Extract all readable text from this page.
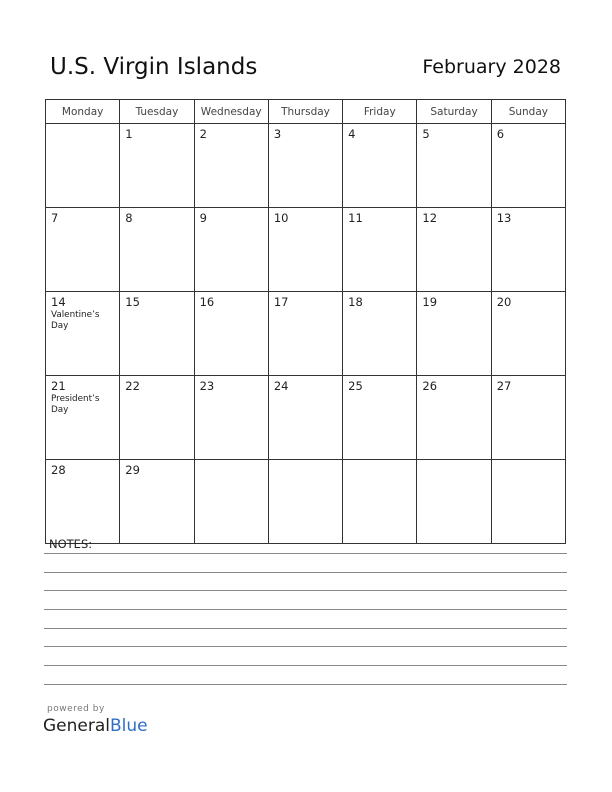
U.S. Virgin Islands	February 2028
Monday	Tuesday	Wednesday	Thursday	Friday	Saturday	Sunday

	1	2	3	4	5	6

7	8	9	10	11	12	13

14
Valentine’s Day	15	16	17	18	19	20

21
President’s Day	22	23	24	25	26	27

28	29					

NOTES:
powered by
GeneralBlue
